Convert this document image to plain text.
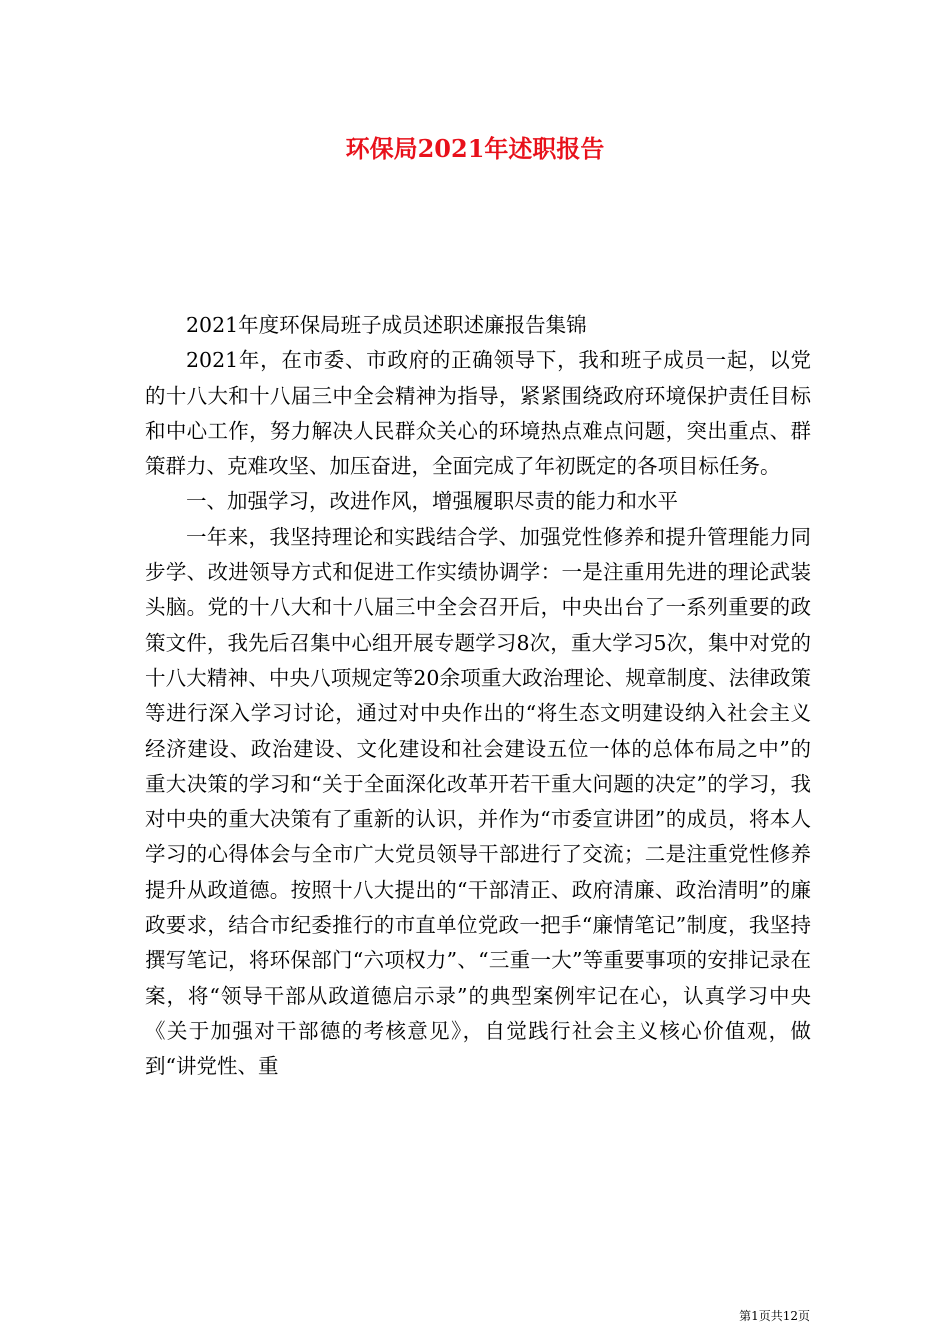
环保局2021年述职报告

2021年度环保局班子成员述职述廉报告集锦

2021年，在市委、市政府的正确领导下，我和班子成员一起，以党的十八大和十八届三中全会精神为指导，紧紧围绕政府环境保护责任目标和中心工作，努力解决人民群众关心的环境热点难点问题，突出重点、群策群力、克难攻坚、加压奋进，全面完成了年初既定的各项目标任务。

一、加强学习，改进作风，增强履职尽责的能力和水平

一年来，我坚持理论和实践结合学、加强党性修养和提升管理能力同步学、改进领导方式和促进工作实绩协调学：一是注重用先进的理论武装头脑。党的十八大和十八届三中全会召开后，中央出台了一系列重要的政策文件，我先后召集中心组开展专题学习8次，重大学习5次，集中对党的十八大精神、中央八项规定等20余项重大政治理论、规章制度、法律政策等进行深入学习讨论，通过对中央作出的“将生态文明建设纳入社会主义经济建设、政治建设、文化建设和社会建设五位一体的总体布局之中”的重大决策的学习和“关于全面深化改革开若干重大问题的决定”的学习，我对中央的重大决策有了重新的认识，并作为“市委宣讲团”的成员，将本人学习的心得体会与全市广大党员领导干部进行了交流；二是注重党性修养提升从政道德。按照十八大提出的“干部清正、政府清廉、政治清明”的廉政要求，结合市纪委推行的市直单位党政一把手“廉情笔记”制度，我坚持撰写笔记，将环保部门“六项权力”、“三重一大”等重要事项的安排记录在案，将“领导干部从政道德启示录”的典型案例牢记在心，认真学习中央《关于加强对干部德的考核意见》，自觉践行社会主义核心价值观，做到“讲党性、重

第1页共12页
